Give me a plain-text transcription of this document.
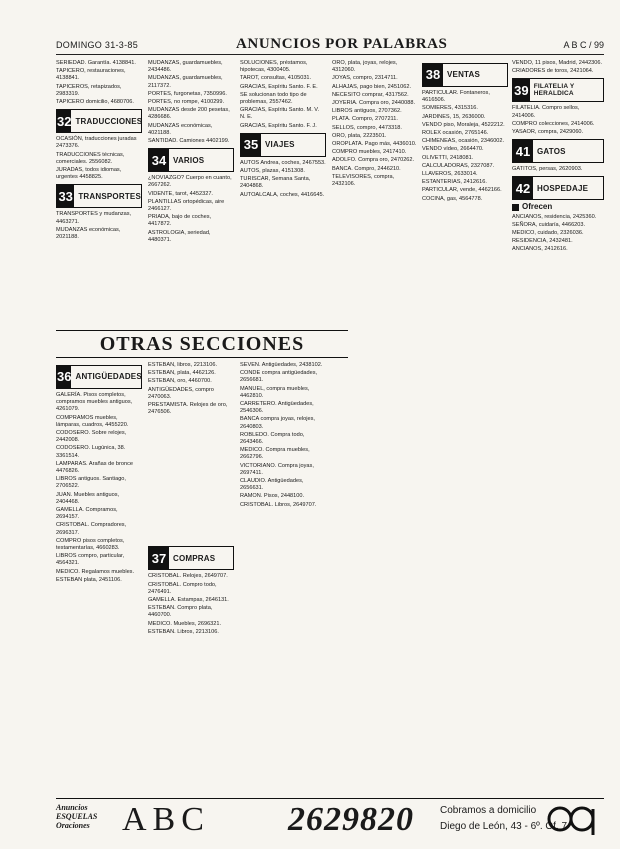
DOMINGO 31-3-85	ANUNCIOS POR PALABRAS	A B C / 99

SERIEDAD. Garantía. 4138841.

TAPICERO, restauraciones, 4138841.

TAPICEROS, retapizados, 2983319.

TAPICERO domicilio, 4680706.

32 TRADUCCIONES

OCASIÓN, traducciones juradas 2473376.

TRADUCCIONES técnicas, comerciales. 2556082.

JURADAS, todos idiomas, urgentes 4458825.

33 TRANSPORTES

TRANSPORTES y mudanzas, 4463271.

MUDANZAS económicas, 2021188.

36 ANTIGÜEDADES

GALERÍA. Pisos completos, compramos muebles antiguos, 4261079.

COMPRAMOS muebles, lámparas, cuadros, 4455220.

CODOSERO. Sobre relojes, 2442008.

CODOSERO. Lugúnica, 38. 3361514.

LAMPARAS. Arañas de bronce 4476826.

LIBROS antiguos. Santiago, 2706522.

JUAN. Muebles antiguos, 2404468.

GAMELLA. Compramos, 2694157.

CRISTOBAL. Compradores, 2696317.

COMPRO pisos completos, testamentarías, 4660283.

LIBROS compro, particular, 4564321.

MEDICO. Regalamos muebles.

ESTEBAN plata, 2451106.

MUDANZAS, guardamuebles, 2434486.

MUDANZAS, guardamuebles, 2117372.

PORTES, furgonetas, 7350996.

PORTES, no rompe, 4100299.

MUDANZAS desde 200 pesetas, 4286686.

MUDANZAS económicas, 4021188.

SANTIDAD. Camiones 4402199.

34 VARIOS

¿NOVIAZGO? Cuerpo en cuanto, 2667262.

VIDENTE, tarot, 4452327.

PLANTILLAS ortopédicas, aire 2466127.

PRIADA, bajo de coches, 4417872.

ASTROLOGIA, seriedad, 4480371.

ESTEBAN, libros, 2213106.

ESTEBAN, plata, 4462126.

ESTEBAN, oro, 4460700.

ANTIGÜEDADES, compro 2470063.

PRESTAMISTA. Relojes de oro, 2476506.

37 COMPRAS

CRISTOBAL. Relojes, 2649707.

CRISTOBAL. Compro todo, 2476491.

GAMELLA. Estampas, 2646131.

ESTEBAN. Compro plata, 4460700.

MEDICO. Muebles, 2696321.

ESTEBAN. Libros, 2213106.

SOLUCIONES, préstamos, hipotecas, 4300405.

TAROT, consultas, 4105031.

GRACIAS, Espíritu Santo. F. E.

SE solucionan todo tipo de problemas, 2557462.

GRACIAS, Espíritu Santo. M. V. N. E.

GRACIAS, Espíritu Santo. F. J.

35 VIAJES

AUTOS Andrea, coches, 2467553.

AUTOS, plazas, 4151308.

TURISCAR, Semana Santa, 2404868.

AUTOALCALA, coches, 4416645.

SEVEN. Antigüedades, 2438102.

CONDE compra antigüedades, 2656681.

MANUEL, compra muebles, 4462810.

CARRETERO. Antigüedades, 2546306.

BANCA compra joyas, relojes, 2640803.

ROBLEDO. Compra todo, 2643466.

MEDICO. Compra muebles, 2662796.

VICTORIANO. Compra joyas, 2697411.

CLAUDIO. Antigüedades, 2656631.

RAMON. Pisos, 2448100.

CRISTOBAL. Libros, 2649707.

OTRAS SECCIONES

ORO, plata, joyas, relojes, 4312060.

JOYAS, compro, 2314711.

ALHAJAS, pago bien, 2451062.

NECESITO comprar, 4317562.

JOYERIA. Compra oro, 2440088.

LIBROS antiguos, 2707362.

PLATA. Compro, 2707211.

SELLOS, compro, 4473318.

ORO, plata, 2223501.

OROPLATA. Pago más, 4436010.

COMPRO muebles, 2417410.

ADOLFO. Compra oro, 2470262.

BANCA. Compro, 2446210.

TELEVISORES, compra, 2432106.

38 VENTAS

PARTICULAR. Fontaneros, 4616506.

SOMIERES, 4315316.

JARDINES, 15, 2636000.

VENDO piso, Moraleja, 4522212.

ROLEX ocasión, 2765146.

CHIMENEAS, ocasión, 2346002.

VENDO vídeo, 2664470.

OLIVETTI, 2418081.

CALCULADORAS, 2327087.

LLAVEROS, 2633014.

ESTANTERIAS, 2412616.

PARTICULAR, vende, 4462166.

COCINA, gas, 4564778.

VENDO, 11 pisos, Madrid, 2442306.

CRIADORES de toros, 2421064.

39 FILATELIA Y HERALDICA

FILATELIA. Compro sellos, 2414006.

COMPRO colecciones, 2414006.

YASAOR, compra, 2429060.

41 GATOS

GATITOS, persas, 2620903.

42 HOSPEDAJE
Ofrecen

ANCIANOS, residencia, 2425360.

SEÑORA, cuidaría, 4466203.

MEDICO, cuidado, 2326036.

RESIDENCIA, 2432481.

ANCIANOS, 2412616.

Anuncios ESQUELAS Oraciones ABC 2629820	Cobramos a domicilio
Diego de León, 43 - 6º. Of. 7
